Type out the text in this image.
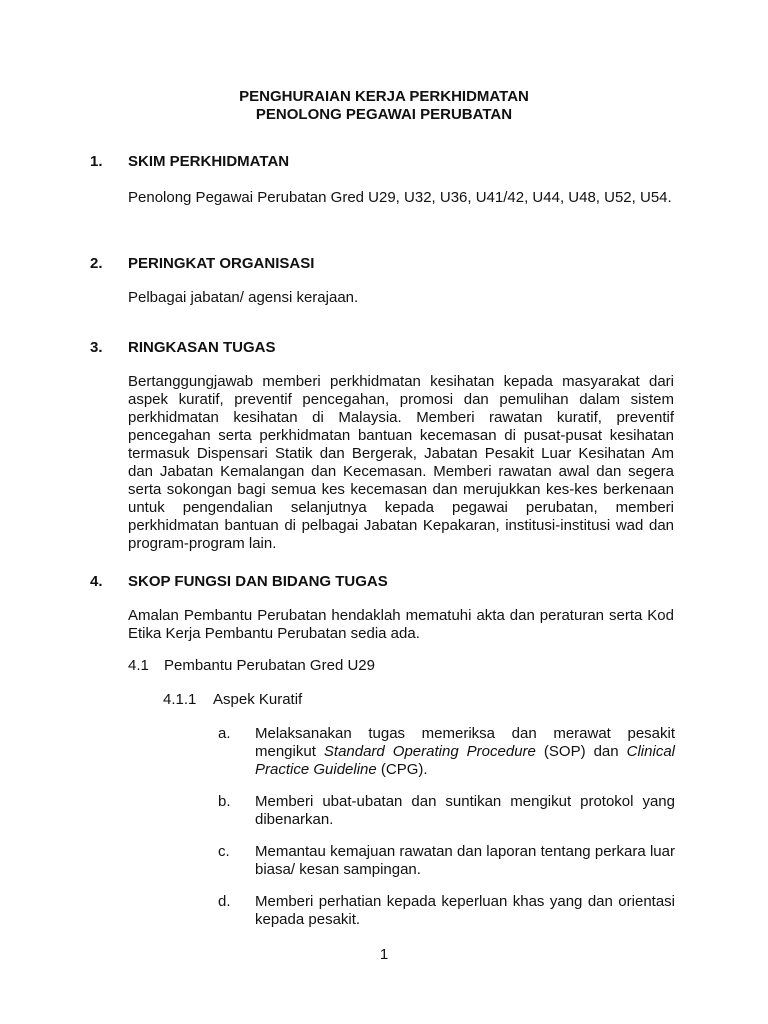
PENGHURAIAN KERJA PERKHIDMATAN
PENOLONG PEGAWAI PERUBATAN
1. SKIM PERKHIDMATAN
Penolong Pegawai Perubatan Gred U29, U32, U36, U41/42, U44, U48, U52, U54.
2. PERINGKAT ORGANISASI
Pelbagai jabatan/ agensi kerajaan.
3. RINGKASAN TUGAS
Bertanggungjawab memberi perkhidmatan kesihatan kepada masyarakat dari aspek kuratif, preventif pencegahan, promosi dan pemulihan dalam sistem perkhidmatan kesihatan di Malaysia. Memberi rawatan kuratif, preventif pencegahan serta perkhidmatan bantuan kecemasan di pusat-pusat kesihatan termasuk Dispensari Statik dan Bergerak, Jabatan Pesakit Luar Kesihatan Am dan Jabatan Kemalangan dan Kecemasan. Memberi rawatan awal dan segera serta sokongan bagi semua kes kecemasan dan merujukkan kes-kes berkenaan untuk pengendalian selanjutnya kepada pegawai perubatan, memberi perkhidmatan bantuan di pelbagai Jabatan Kepakaran, institusi-institusi wad dan program-program lain.
4. SKOP FUNGSI DAN BIDANG TUGAS
Amalan Pembantu Perubatan hendaklah mematuhi akta dan peraturan serta Kod Etika Kerja Pembantu Perubatan sedia ada.
4.1 Pembantu Perubatan Gred U29
4.1.1 Aspek Kuratif
a.	Melaksanakan tugas memeriksa dan merawat pesakit mengikut Standard Operating Procedure (SOP) dan Clinical Practice Guideline (CPG).
b.	Memberi ubat-ubatan dan suntikan mengikut protokol yang dibenarkan.
c.	Memantau kemajuan rawatan dan laporan tentang perkara luar biasa/ kesan sampingan.
d.	Memberi perhatian kepada keperluan khas yang dan orientasi kepada pesakit.
1
